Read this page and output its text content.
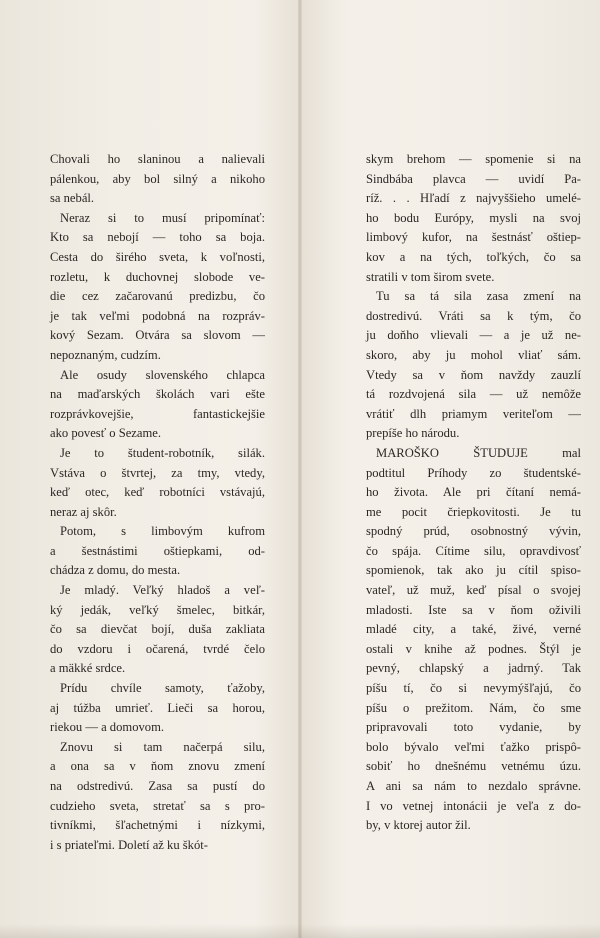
Chovali ho slaninou a nalievali
pálenkou, aby bol silný a nikoho
sa nebál.

Neraz si to musí pripomínať:
Kto sa nebojí — toho sa boja.
Cesta do širého sveta, k voľnosti,
rozletu, k duchovnej slobode ve-
die cez začarovanú predizbu, čo
je tak veľmi podobná na rozpráv-
kový Sezam. Otvára sa slovom —
nepoznaným, cudzím.

Ale osudy slovenského chlapca
na maďarských školách vari ešte
rozprávkovejšie, fantastickejšie
ako povesť o Sezame.

Je to študent-robotník, silák.
Vstáva o štvrtej, za tmy, vtedy,
keď otec, keď robotníci vstávajú,
neraz aj skôr.

Potom, s limbovým kufrom
a šestnástimi oštiepkami, od-
chádza z domu, do mesta.

Je mladý. Veľký hladoš a veľ-
ký jedák, veľký šmelec, bitkár,
čo sa dievčat bojí, duša zakliata
do vzdoru i očarená, tvrdé čelo
a mäkké srdce.

Prídu chvíle samoty, ťažoby,
aj túžba umrieť. Lieči sa horou,
riekou — a domovom.

Znovu si tam načerpá silu,
a ona sa v ňom znovu zmení
na odstredivú. Zasa sa pustí do
cudzieho sveta, stretať sa s pro-
tivníkmi, šľachetnými i nízkymi,
i s priateľmi. Doletí až ku škót-

skym brehom — spomenie si na
Sindbába plavca — uvidí Pa-
ríž. . . Hľadí z najvyššieho umelé-
ho bodu Európy, mysli na svoj
limbový kufor, na šestnásť oštiep-
kov a na tých, toľkých, čo sa
stratili v tom širom svete.

Tu sa tá sila zasa zmení na
dostredivú. Vráti sa k tým, čo
ju doňho vlievali — a je už ne-
skoro, aby ju mohol vliať sám.
Vtedy sa v ňom navždy zauzlí
tá rozdvojená sila — už nemôže
vrátiť dlh priamym veriteľom —
prepíše ho národu.

MAROŠKO ŠTUDUJE mal
podtitul Príhody zo študentské-
ho života. Ale pri čítaní nemá-
me pocit čriepkovitosti. Je tu
spodný prúd, osobnostný vývin,
čo spája. Cítime silu, opravdivosť
spomienok, tak ako ju cítil spiso-
vateľ, už muž, keď písal o svojej
mladosti. Iste sa v ňom oživili
mladé city, a také, živé, verné
ostali v knihe až podnes. Štýl je
pevný, chlapský a jadrný. Tak
píšu tí, čo si nevymýšľajú, čo
píšu o prežitom. Nám, čo sme
pripravovali toto vydanie, by
bolo bývalo veľmi ťažko prispô-
sobiť ho dnešnému vetnému úzu.
A ani sa nám to nezdalo správne.
I vo vetnej intonácii je veľa z do-
by, v ktorej autor žil.
